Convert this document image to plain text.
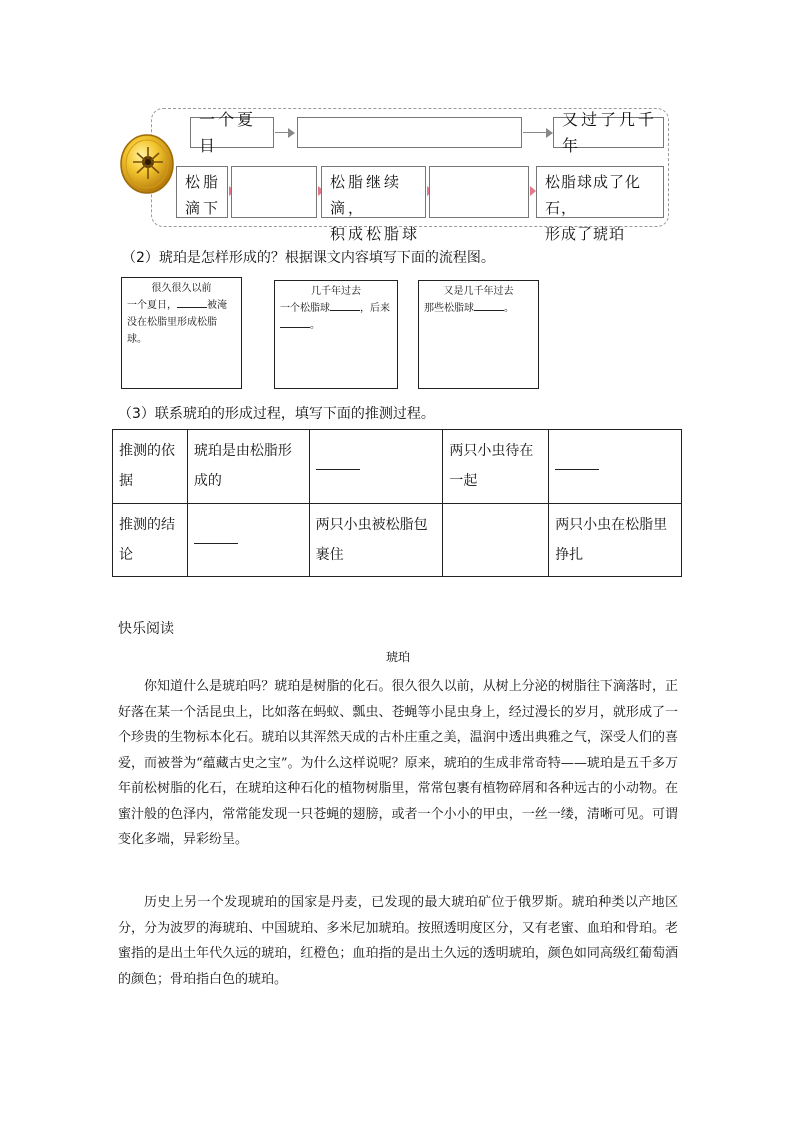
一个夏日
又过了几千年
松脂
滴下
松脂继续滴，
积成松脂球
松脂球成了化石，
形成了琥珀
（2）琥珀是怎样形成的？根据课文内容填写下面的流程图。
很久很久以前
一个夏日，	被淹没在松脂里形成松脂球。
几千年过去
一个松脂球	，后来
。
又是几千年过去
那些松脂球	。
（3）联系琥珀的形成过程，填写下面的推测过程。
推测的依据	琥珀是由松脂形成的		两只小虫待在一起	
推测的结论		两只小虫被松脂包裹住		两只小虫在松脂里挣扎
快乐阅读
琥珀
你知道什么是琥珀吗？琥珀是树脂的化石。很久很久以前，从树上分泌的树脂往下滴落时，正好落在某一个活昆虫上，比如落在蚂蚁、瓢虫、苍蝇等小昆虫身上，经过漫长的岁月，就形成了一个珍贵的生物标本化石。琥珀以其浑然天成的古朴庄重之美，温润中透出典雅之气，深受人们的喜爱，而被誉为“蕴藏古史之宝”。为什么这样说呢？原来，琥珀的生成非常奇特——琥珀是五千多万年前松树脂的化石，在琥珀这种石化的植物树脂里，常常包裹有植物碎屑和各种远古的小动物。在蜜汁般的色泽内，常常能发现一只苍蝇的翅膀，或者一个小小的甲虫，一丝一缕，清晰可见。可谓变化多端，异彩纷呈。
历史上另一个发现琥珀的国家是丹麦，已发现的最大琥珀矿位于俄罗斯。琥珀种类以产地区分，分为波罗的海琥珀、中国琥珀、多米尼加琥珀。按照透明度区分，又有老蜜、血珀和骨珀。老蜜指的是出土年代久远的琥珀，红橙色；血珀指的是出土久远的透明琥珀，颜色如同高级红葡萄酒的颜色；骨珀指白色的琥珀。
